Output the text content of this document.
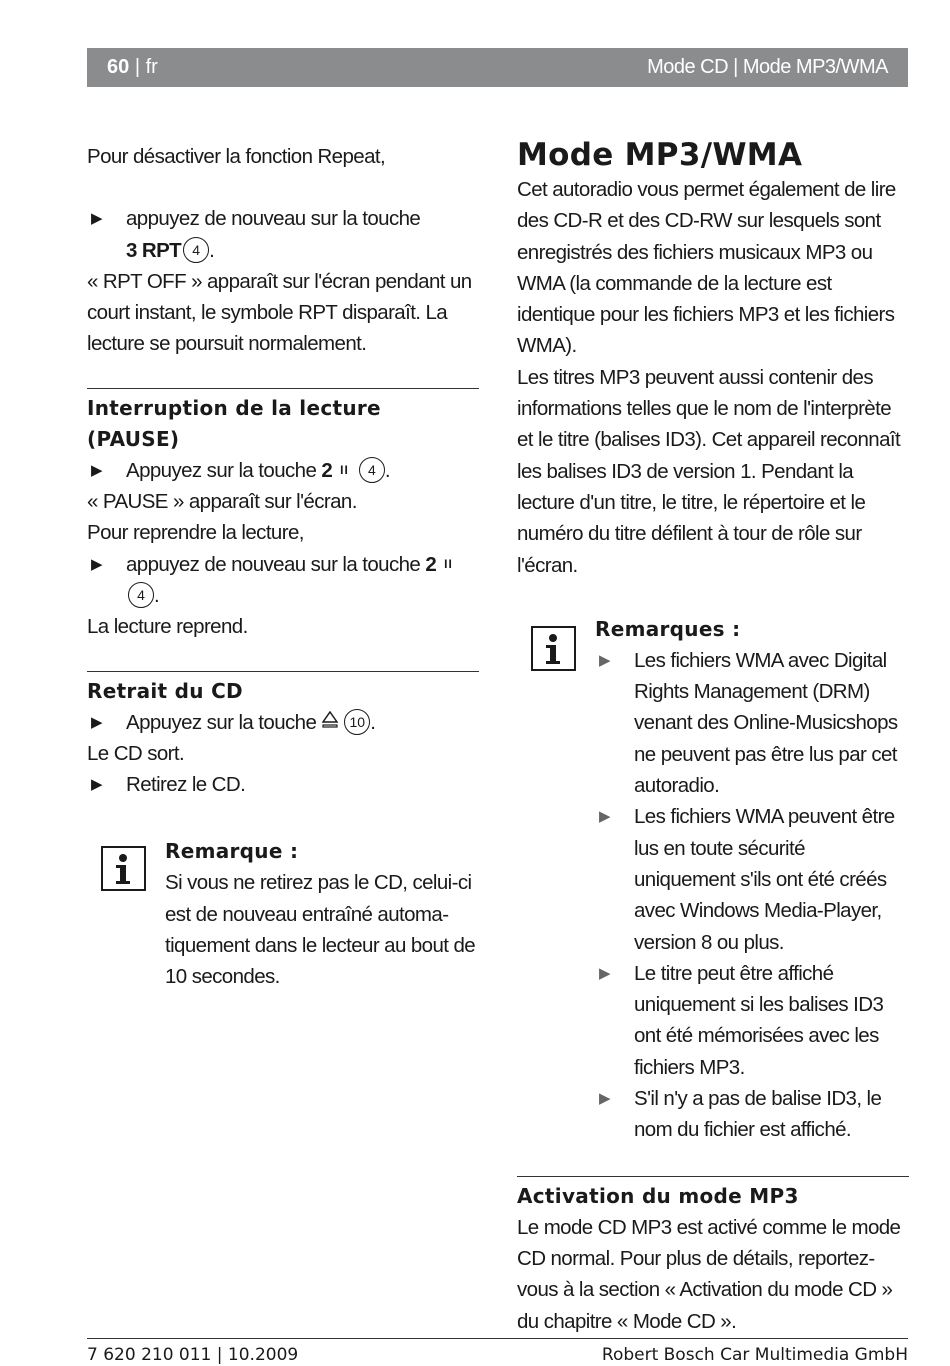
60 | fr	Mode CD | Mode MP3/WMA

Pour désactiver la fonction Repeat,

▶ appuyez de nouveau sur la touche
3 RPT 4 .

« RPT OFF » apparaît sur l'écran pendant un court instant, le symbole RPT disparaît. La lecture se poursuit normalement.

Interruption de la lecture (PAUSE)
▶ Appuyez sur la touche 2 II 4 .

« PAUSE » apparaît sur l'écran.

Pour reprendre la lecture,

▶ appuyez de nouveau sur la touche 2 II
4 .

La lecture reprend.

Retrait du CD
▶ Appuyez sur la touche 10 .

Le CD sort.

▶ Retirez le CD.
Remarque :

Si vous ne retirez pas le CD, celui-ci est de nouveau entraîné automa-tiquement dans le lecteur au bout de 10 secondes.

Mode MP3/WMA

Cet autoradio vous permet également de lire des CD-R et des CD-RW sur lesquels sont enregistrés des fichiers musicaux MP3 ou WMA (la commande de la lecture est identique pour les fichiers MP3 et les fichiers WMA).

Les titres MP3 peuvent aussi contenir des informations telles que le nom de l'interprète et le titre (balises ID3). Cet appareil reconnaît les balises ID3 de version 1. Pendant la lecture d'un titre, le titre, le répertoire et le numéro du titre défilent à tour de rôle sur l'écran.

Remarques :
▶ Les fichiers WMA avec Digital Rights Management (DRM) venant des Online-Musicshops ne peuvent pas être lus par cet autoradio.
▶ Les fichiers WMA peuvent être lus en toute sécurité uniquement s'ils ont été créés avec Windows Media-Player, version 8 ou plus.
▶ Le titre peut être affiché uniquement si les balises ID3 ont été mémorisées avec les fichiers MP3.
▶ S'il n'y a pas de balise ID3, le nom du fichier est affiché.
Activation du mode MP3

Le mode CD MP3 est activé comme le mode CD normal. Pour plus de détails, reportez-vous à la section « Activation du mode CD » du chapitre « Mode CD ».

7 620 210 011 | 10.2009	Robert Bosch Car Multimedia GmbH
